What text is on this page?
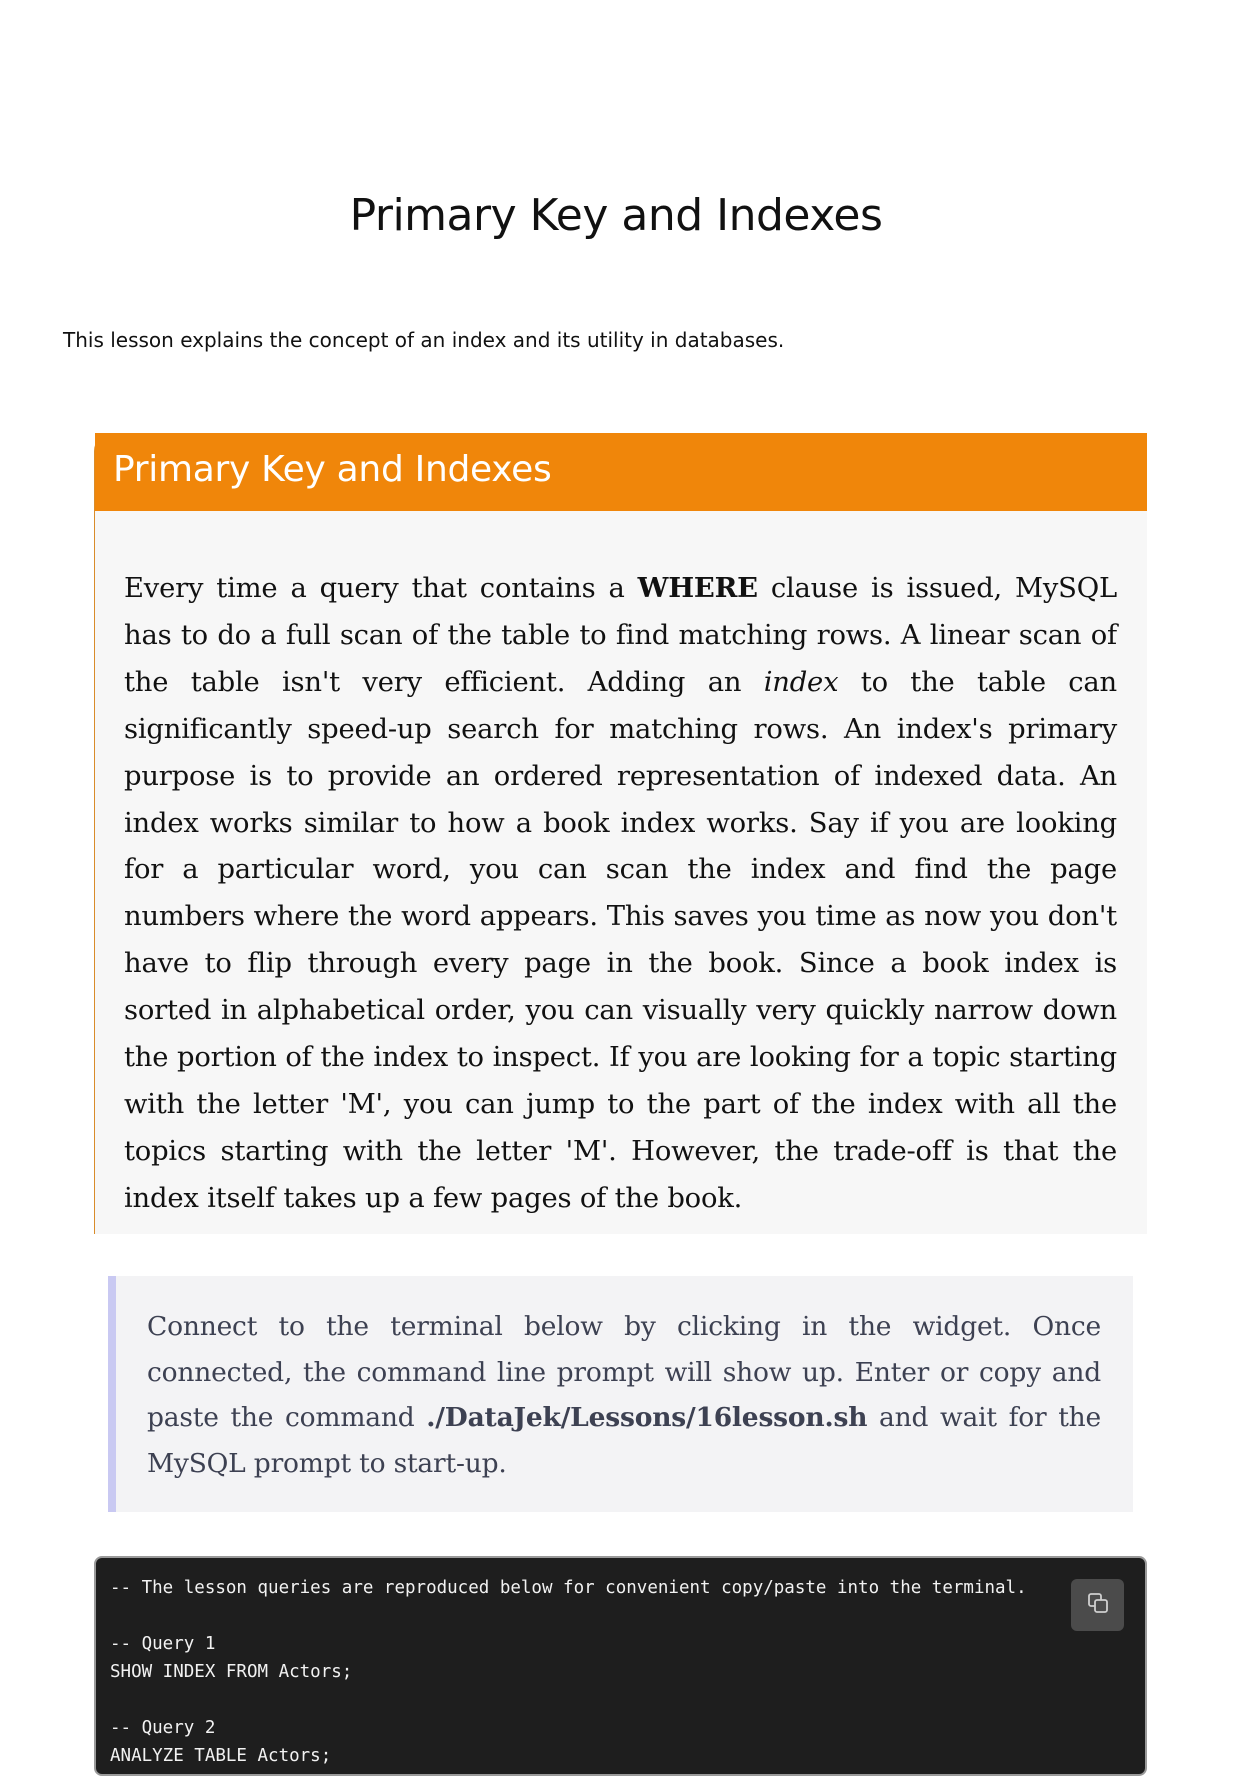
Primary Key and Indexes

This lesson explains the concept of an index and its utility in databases.

Primary Key and Indexes
Every time a query that contains a WHERE clause is issued, MySQL has to do a full scan of the table to find matching rows. A linear scan of the table isn't very efficient. Adding an index to the table can significantly speed-up search for matching rows. An index's primary purpose is to provide an ordered representation of indexed data. An index works similar to how a book index works. Say if you are looking for a particular word, you can scan the index and find the page numbers where the word appears. This saves you time as now you don't have to flip through every page in the book. Since a book index is sorted in alphabetical order, you can visually very quickly narrow down the portion of the index to inspect. If you are looking for a topic starting with the letter 'M', you can jump to the part of the index with all the topics starting with the letter 'M'. However, the trade-off is that the index itself takes up a few pages of the book.
Connect to the terminal below by clicking in the widget. Once connected, the command line prompt will show up. Enter or copy and paste the command ./DataJek/Lessons/16lesson.sh and wait for the MySQL prompt to start-up.
-- The lesson queries are reproduced below for convenient copy/paste into the terminal.
-- Query 1
SHOW INDEX FROM Actors;
-- Query 2
ANALYZE TABLE Actors;
